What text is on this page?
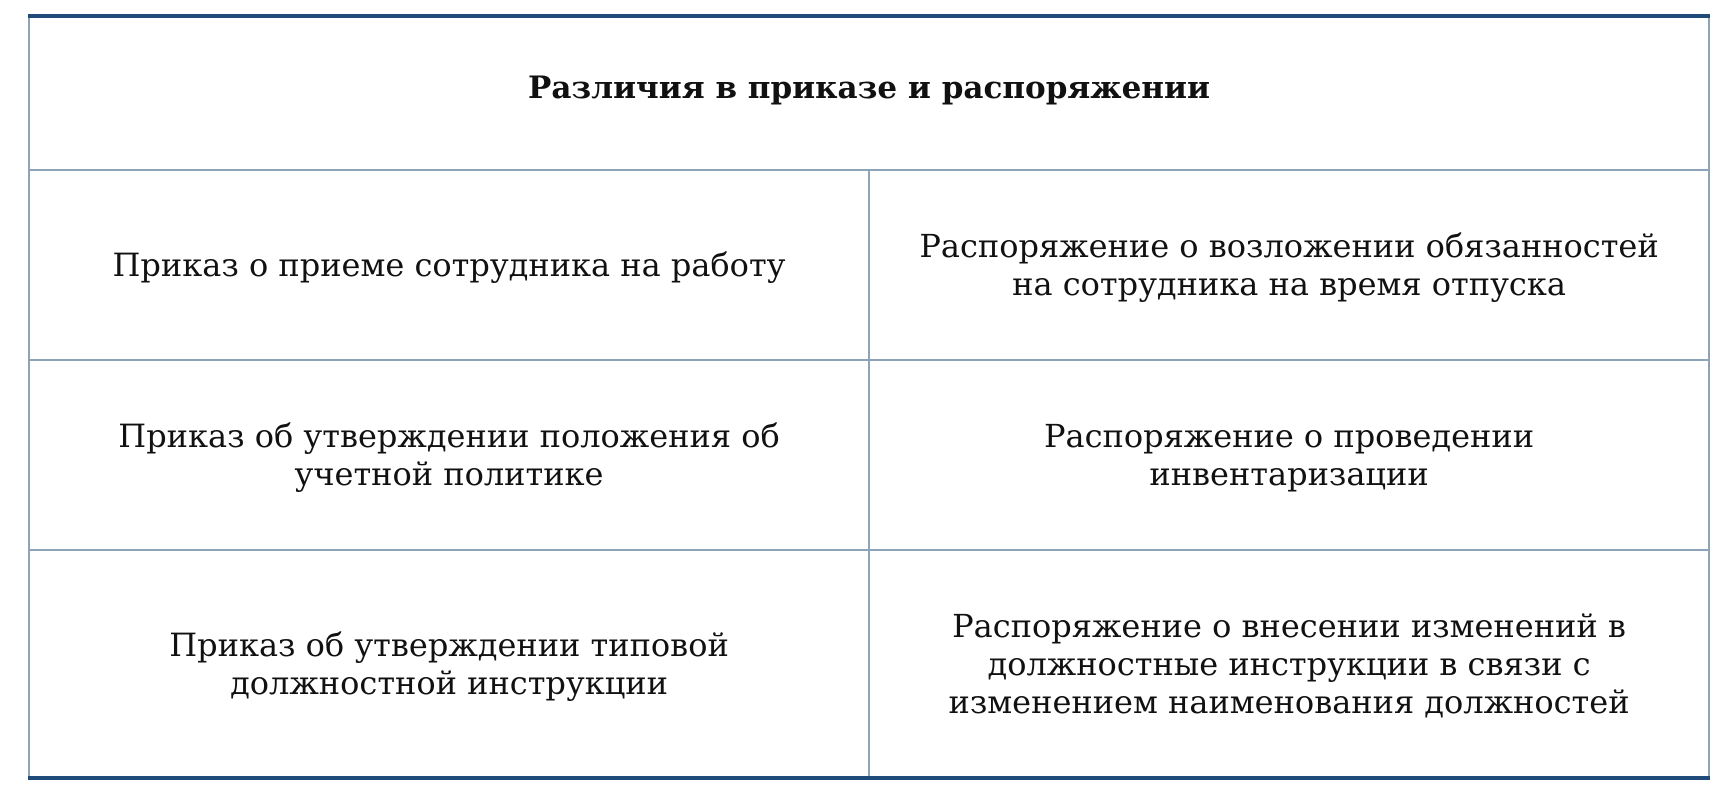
Различия в приказе и распоряжении	
Приказ о приеме сотрудника на работу	Распоряжение о возложении обязанностей на сотрудника на время отпуска
Приказ об утверждении положения об учетной политике	Распоряжение о проведении инвентаризации
Приказ об утверждении типовой должностной инструкции	Распоряжение о внесении изменений в должностные инструкции в связи с изменением наименования должностей
